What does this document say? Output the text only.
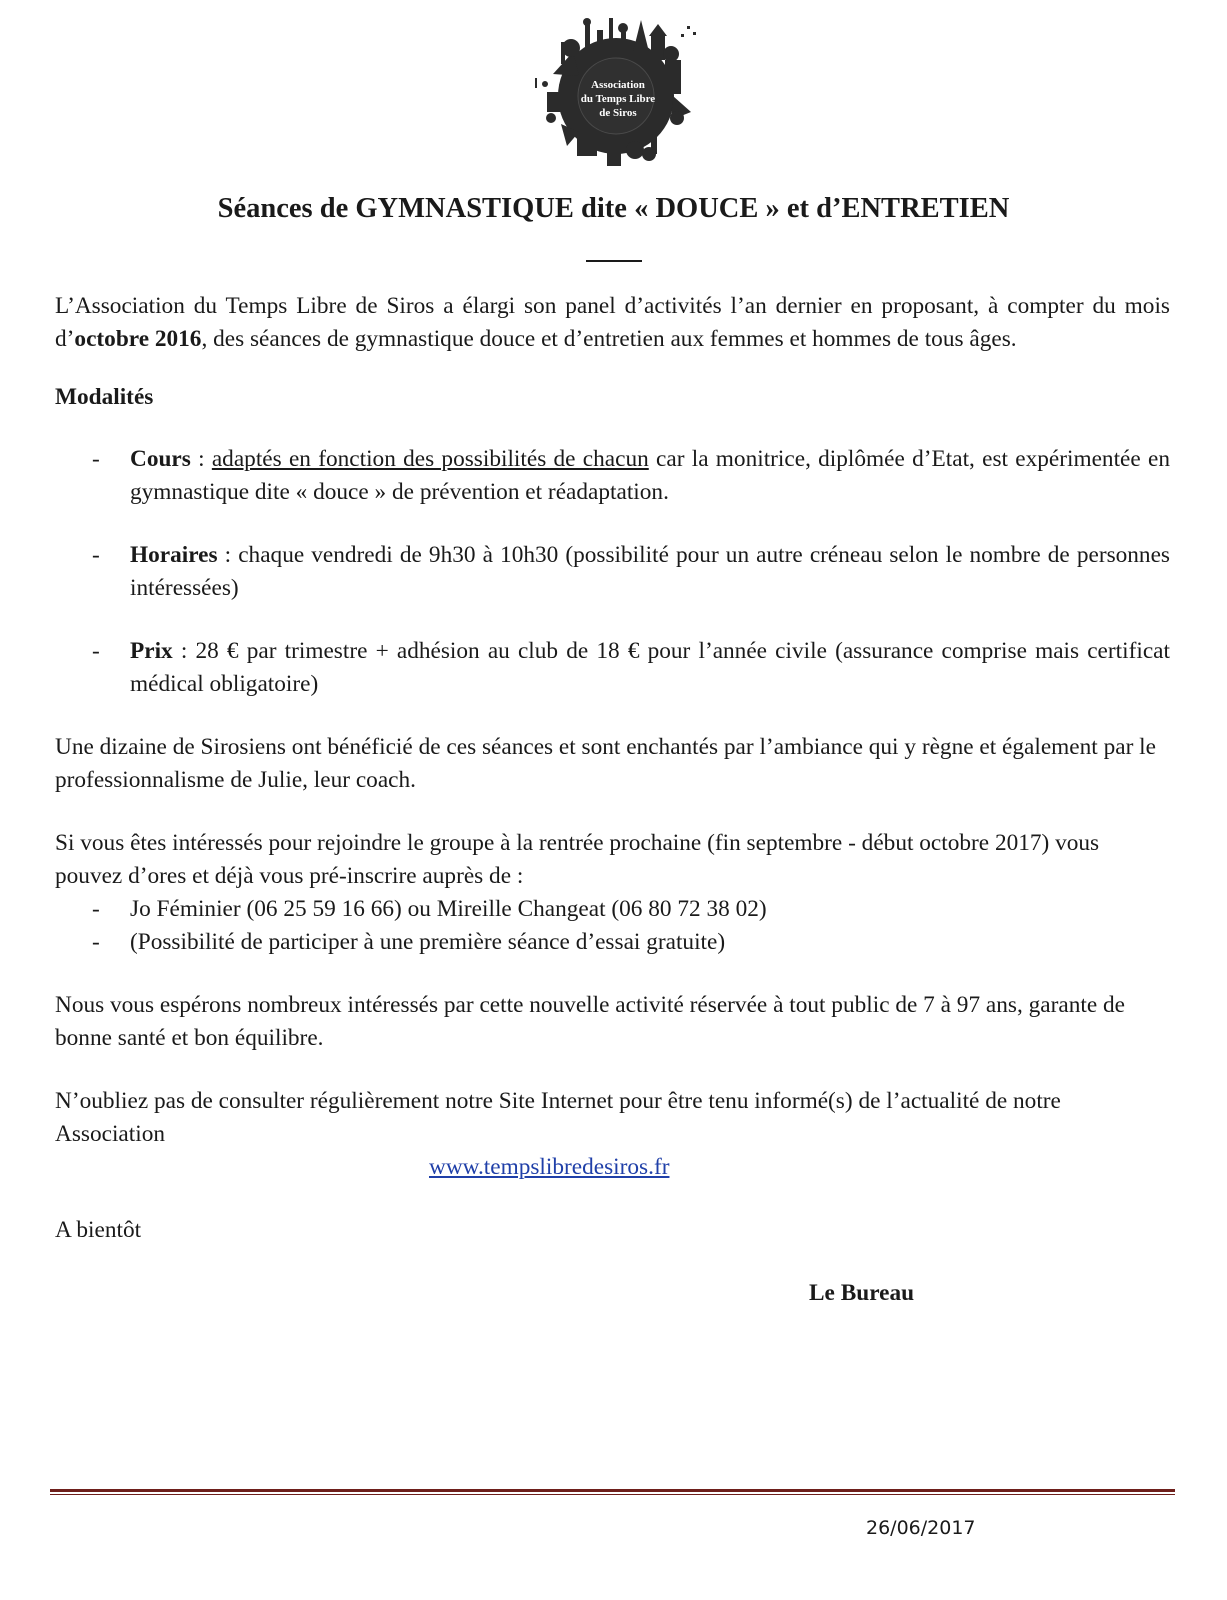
Association
du Temps Libre
de Siros
Séances de GYMNASTIQUE dite « DOUCE » et d’ENTRETIEN

L’Association du Temps Libre de Siros a élargi son panel d’activités l’an dernier en proposant, à compter du mois d’octobre 2016, des séances de gymnastique douce et d’entretien aux femmes et hommes de tous âges.

Modalités

- Cours : adaptés en fonction des possibilités de chacun car la monitrice, diplômée d’Etat, est expérimentée en gymnastique dite « douce » de prévention et réadaptation.
- Horaires : chaque vendredi de 9h30 à 10h30 (possibilité pour un autre créneau selon le nombre de personnes intéressées)
- Prix : 28 € par trimestre + adhésion au club de 18 € pour l’année civile (assurance comprise mais certificat médical obligatoire)

Une dizaine de Sirosiens ont bénéficié de ces séances et sont enchantés par l’ambiance qui y règne et également par le professionnalisme de Julie, leur coach.

Si vous êtes intéressés pour rejoindre le groupe à la rentrée prochaine (fin septembre - début octobre 2017) vous pouvez d’ores et déjà vous pré-inscrire auprès de :

- Jo Féminier (06 25 59 16 66) ou Mireille Changeat (06 80 72 38 02)
- (Possibilité de participer à une première séance d’essai gratuite)

Nous vous espérons nombreux intéressés par cette nouvelle activité réservée à tout public de 7 à 97 ans, garante de bonne santé et bon équilibre.

N’oubliez pas de consulter régulièrement notre Site Internet pour être tenu informé(s) de l’actualité de notre Association

www.tempslibredesiros.fr

A bientôt

Le Bureau

26/06/2017
